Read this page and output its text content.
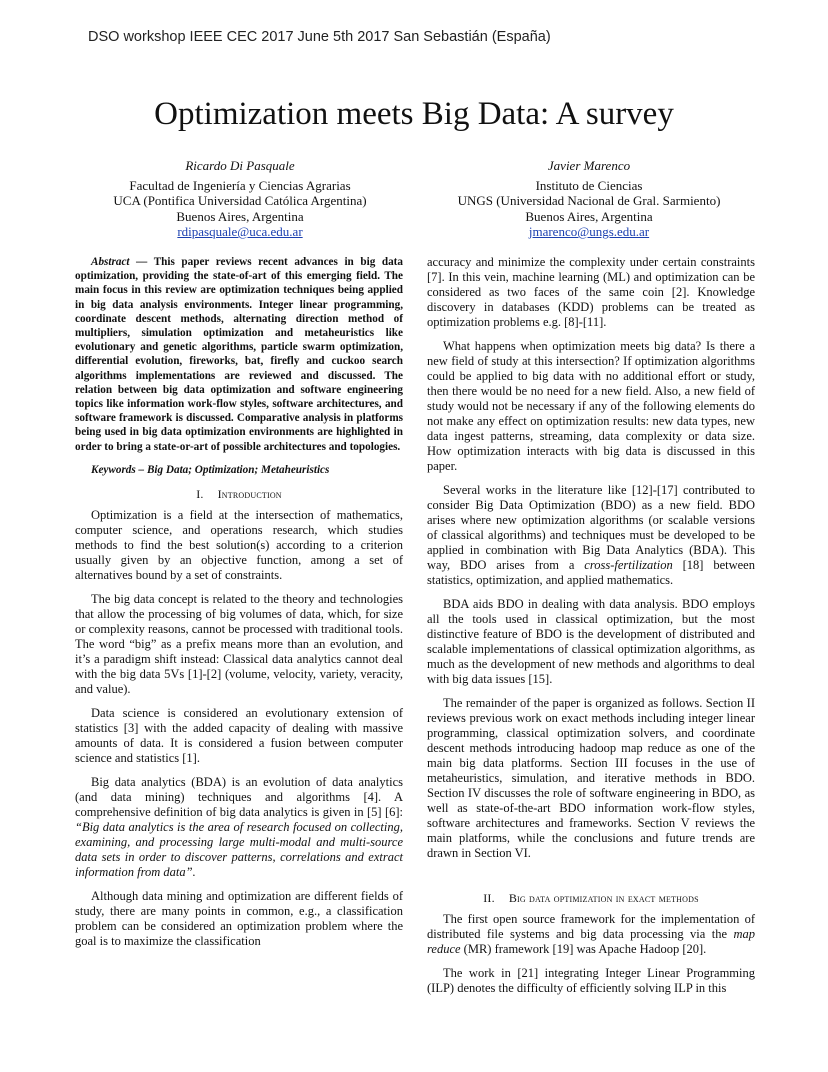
DSO workshop IEEE CEC 2017 June 5th 2017 San Sebastián (España)
Optimization meets Big Data: A survey
Ricardo Di Pasquale
Facultad de Ingeniería y Ciencias Agrarias
UCA (Pontifica Universidad Católica Argentina)
Buenos Aires, Argentina
rdipasquale@uca.edu.ar
Javier Marenco
Instituto de Ciencias
UNGS (Universidad Nacional de Gral. Sarmiento)
Buenos Aires, Argentina
jmarenco@ungs.edu.ar

Abstract — This paper reviews recent advances in big data optimization, providing the state-of-art of this emerging field. The main focus in this review are optimization techniques being applied in big data analysis environments. Integer linear programming, coordinate descent methods, alternating direction method of multipliers, simulation optimization and metaheuristics like evolutionary and genetic algorithms, particle swarm optimization, differential evolution, fireworks, bat, firefly and cuckoo search algorithms implementations are reviewed and discussed. The relation between big data optimization and software engineering topics like information work-flow styles, software architectures, and software framework is discussed. Comparative analysis in platforms being used in big data optimization environments are highlighted in order to bring a state-or-art of possible architectures and topologies.

Keywords – Big Data; Optimization; Metaheuristics

I. Introduction

Optimization is a field at the intersection of mathematics, computer science, and operations research, which studies methods to find the best solution(s) according to a criterion usually given by an objective function, among a set of alternatives bound by a set of constraints.

The big data concept is related to the theory and technologies that allow the processing of big volumes of data, which, for size or complexity reasons, cannot be processed with traditional tools. The word “big” as a prefix means more than an evolution, and it’s a paradigm shift instead: Classical data analytics cannot deal with the big data 5Vs [1]-[2] (volume, velocity, variety, veracity, and value).

Data science is considered an evolutionary extension of statistics [3] with the added capacity of dealing with massive amounts of data. It is considered a fusion between computer science and statistics [1].

Big data analytics (BDA) is an evolution of data analytics (and data mining) techniques and algorithms [4]. A comprehensive definition of big data analytics is given in [5] [6]: “Big data analytics is the area of research focused on collecting, examining, and processing large multi-modal and multi-source data sets in order to discover patterns, correlations and extract information from data”.

Although data mining and optimization are different fields of study, there are many points in common, e.g., a classification problem can be considered an optimization problem where the goal is to maximize the classification

accuracy and minimize the complexity under certain constraints [7]. In this vein, machine learning (ML) and optimization can be considered as two faces of the same coin [2]. Knowledge discovery in databases (KDD) problems can be treated as optimization problems e.g. [8]-[11].

What happens when optimization meets big data? Is there a new field of study at this intersection? If optimization algorithms could be applied to big data with no additional effort or study, then there would be no need for a new field. Also, a new field of study would not be necessary if any of the following elements do not make any effect on optimization results: new data types, new data ingest patterns, streaming, data complexity or data size. How optimization interacts with big data is discussed in this paper.

Several works in the literature like [12]-[17] contributed to consider Big Data Optimization (BDO) as a new field. BDO arises where new optimization algorithms (or scalable versions of classical algorithms) and techniques must be developed to be applied in combination with Big Data Analytics (BDA). This way, BDO arises from a cross-fertilization [18] between statistics, optimization, and applied mathematics.

BDA aids BDO in dealing with data analysis. BDO employs all the tools used in classical optimization, but the most distinctive feature of BDO is the development of distributed and scalable implementations of classical optimization algorithms, as much as the development of new methods and algorithms to deal with big data issues [15].

The remainder of the paper is organized as follows. Section II reviews previous work on exact methods including integer linear programming, classical optimization solvers, and coordinate descent methods introducing hadoop map reduce as one of the main big data platforms. Section III focuses in the use of metaheuristics, simulation, and iterative methods in BDO. Section IV discusses the role of software engineering in BDO, as well as state-of-the-art BDO information work-flow styles, software architectures and frameworks. Section V reviews the main platforms, while the conclusions and future trends are drawn in Section VI.

II. Big data optimization in exact methods

The first open source framework for the implementation of distributed file systems and big data processing via the map reduce (MR) framework [19] was Apache Hadoop [20].

The work in [21] integrating Integer Linear Programming (ILP) denotes the difficulty of efficiently solving ILP in this
